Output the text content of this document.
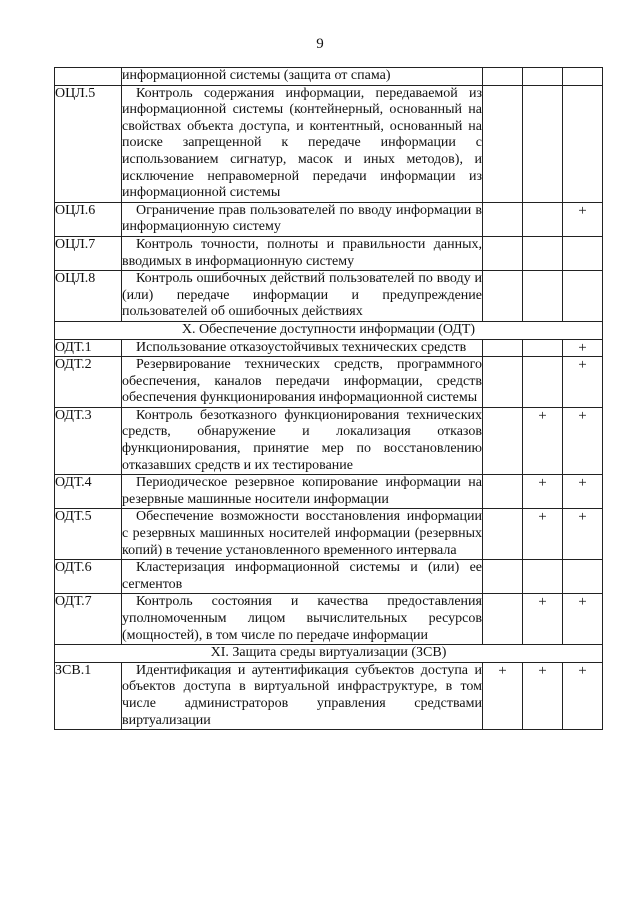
9

	информационной системы (защита от спама)			

ОЦЛ.5	Контроль содержания информации, передаваемой из информационной системы (контейнерный, основанный на свойствах объекта доступа, и контентный, основанный на поиске запрещенной к передаче информации с использованием сигнатур, масок и иных методов), и исключение неправомерной передачи информации из информационной системы			

ОЦЛ.6	Ограничение прав пользователей по вводу информации в информационную систему			+
ОЦЛ.7	Контроль точности, полноты и правильности данных, вводимых в информационную систему			

ОЦЛ.8	Контроль ошибочных действий пользователей по вводу и (или) передаче информации и предупреждение пользователей об ошибочных действиях			

X. Обеспечение доступности информации (ОДТ)				
ОДТ.1	Использование отказоустойчивых технических средств			+
ОДТ.2	Резервирование технических средств, программного обеспечения, каналов передачи информации, средств обеспечения функционирования информационной системы			+
ОДТ.3	Контроль безотказного функционирования технических средств, обнаружение и локализация отказов функционирования, принятие мер по восстановлению отказавших средств и их тестирование		+	+
ОДТ.4	Периодическое резервное копирование информации на резервные машинные носители информации		+	+
ОДТ.5	Обеспечение возможности восстановления информации с резервных машинных носителей информации (резервных копий) в течение установленного временного интервала		+	+
ОДТ.6	Кластеризация информационной системы и (или) ее сегментов			

ОДТ.7	Контроль состояния и качества предоставления уполномоченным лицом вычислительных ресурсов (мощностей), в том числе по передаче информации		+	+
XI. Защита среды виртуализации (ЗСВ)				
ЗСВ.1	Идентификация и аутентификация субъектов доступа и объектов доступа в виртуальной инфраструктуре, в том числе администраторов управления средствами виртуализации	+	+	+
